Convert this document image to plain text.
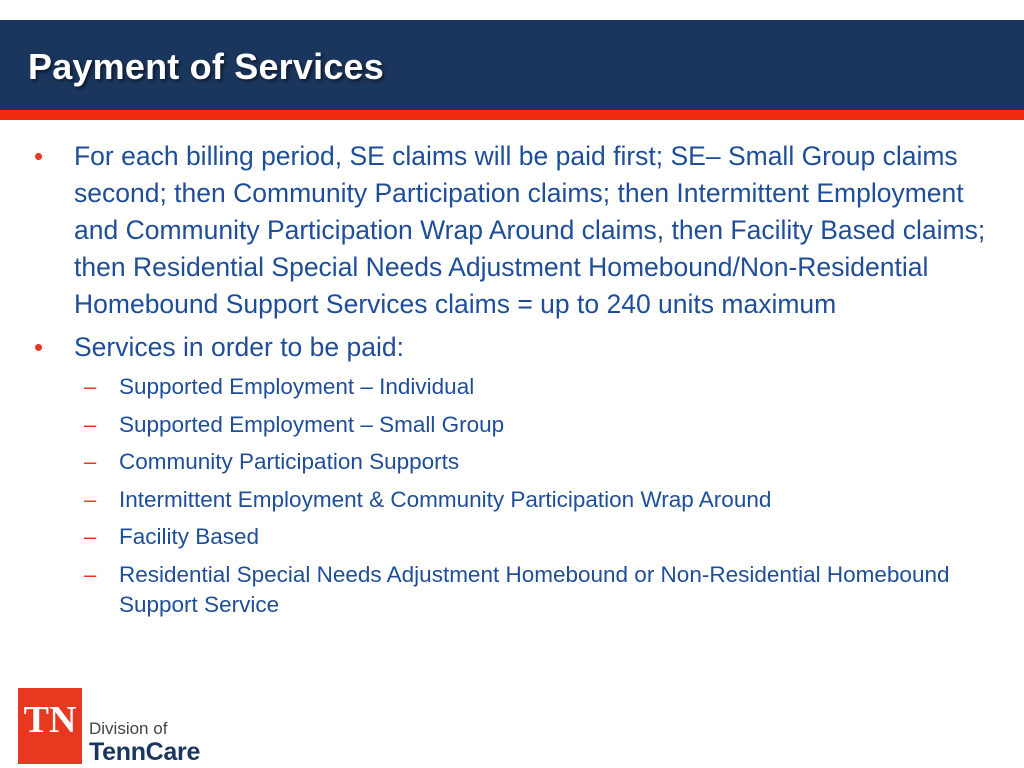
Payment of Services
• For each billing period, SE claims will be paid first; SE– Small Group claims second; then Community Participation claims; then Intermittent Employment and Community Participation Wrap Around claims, then Facility Based claims; then Residential Special Needs Adjustment Homebound/Non-Residential Homebound Support Services claims = up to 240 units maximum
• Services in order to be paid:
– Supported Employment – Individual
– Supported Employment – Small Group
– Community Participation Supports
– Intermittent Employment & Community Participation Wrap Around
– Facility Based
– Residential Special Needs Adjustment Homebound or Non-Residential Homebound Support Service
TN Division of
TennCare
